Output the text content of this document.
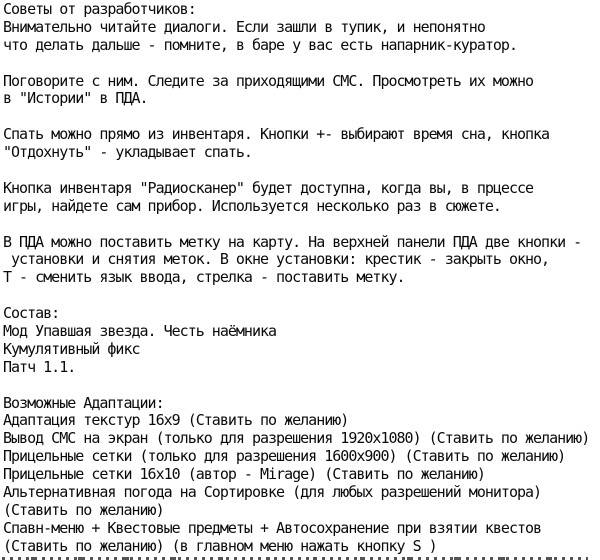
Советы от разработчиков:
Внимательно читайте диалоги. Если зашли в тупик, и непонятно
что делать дальше - помните, в баре у вас есть напарник-куратор.
Поговорите с ним. Следите за приходящими СМС. Просмотреть их можно
в "Истории" в ПДА.
Спать можно прямо из инвентаря. Кнопки +- выбирают время сна, кнопка
"Отдохнуть" - укладывает спать.
Кнопка инвентаря "Радиосканер" будет доступна, когда вы, в прцессе
игры, найдете сам прибор. Используется несколько раз в сюжете.
В ПДА можно поставить метку на карту. На верхней панели ПДА две кнопки -
установки и снятия меток. В окне установки: крестик - закрыть окно,
Т - сменить язык ввода, стрелка - поставить метку.
Состав:
Мод Упавшая звезда. Честь наёмника
Кумулятивный фикс
Патч 1.1.
Возможные Адаптации:
Адаптация текстур 16x9 (Ставить по желанию)
Вывод СМС на экран (только для разрешения 1920x1080) (Ставить по желанию)
Прицельные сетки (только для разрешения 1600x900) (Ставить по желанию)
Прицельные сетки 16x10 (автор - Mirage) (Ставить по желанию)
Альтернативная погода на Сортировке (для любых разрешений монитора)
(Ставить по желанию)
Спавн-меню + Квестовые предметы + Автосохранение при взятии квестов
(Ставить по желанию) (в главном меню нажать кнопку S )
